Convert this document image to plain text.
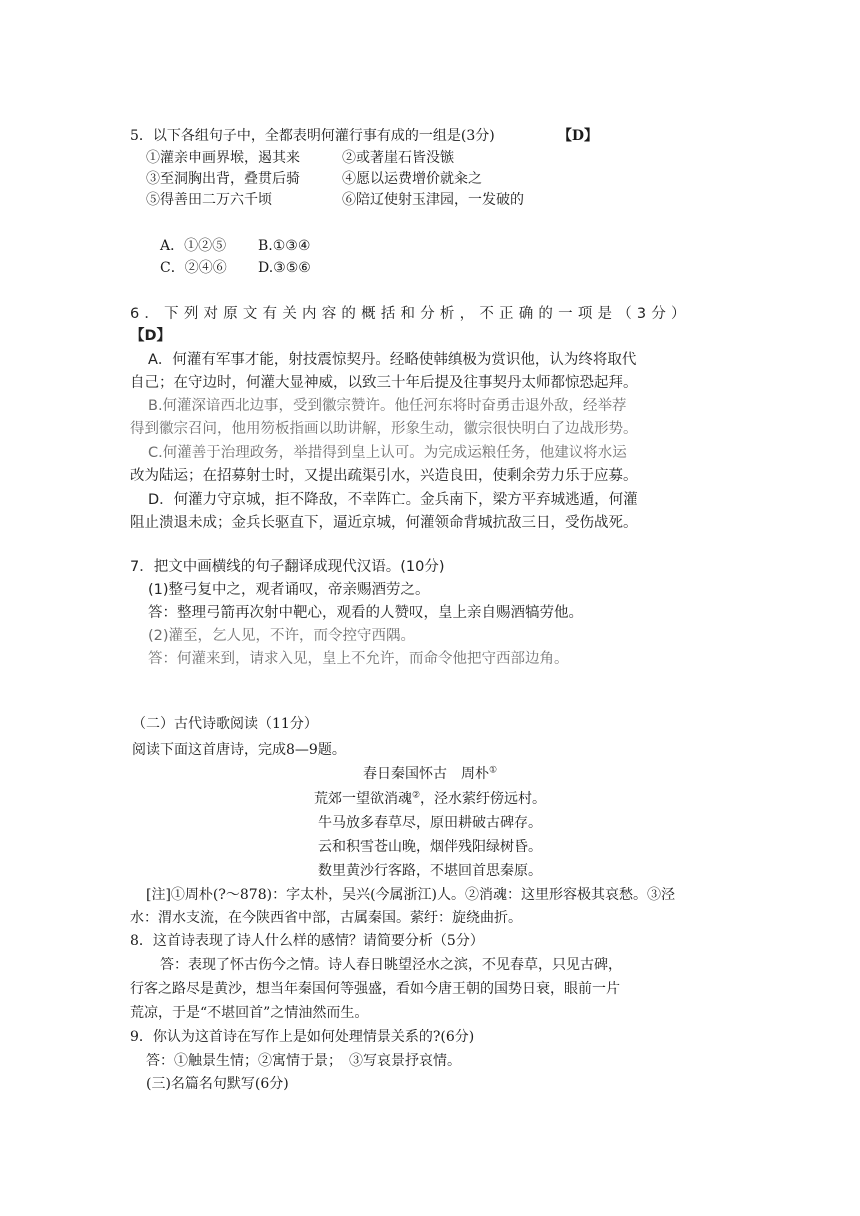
5．以下各组句子中，全都表明何灌行事有成的一组是(3分)	【D】
①灌亲申画界堠，遏其来	②或著崖石皆没镞
③至洞胸出背，叠贯后骑	④愿以运费增价就籴之
⑤得善田二万六千顷	⑥陪辽使射玉津园，一发破的
A．①②⑤ B.①③④
C．②④⑥ D.③⑤⑥
6．下列对原文有关内容的概括和分析，不正确的一项是（3分）
【D】
A．何灌有军事才能，射技震惊契丹。经略使韩缜极为赏识他，认为终将取代
自己；在守边时，何灌大显神威，以致三十年后提及往事契丹太师都惊恐起拜。
B.何灌深谙西北边事，受到徽宗赞许。他任河东将时奋勇击退外敌，经举荐
得到徽宗召问，他用笏板指画以助讲解，形象生动，徽宗很快明白了边战形势。
C.何灌善于治理政务，举措得到皇上认可。为完成运粮任务，他建议将水运
改为陆运；在招募射士时，又提出疏渠引水，兴造良田，使剩余劳力乐于应募。
D．何灌力守京城，拒不降敌，不幸阵亡。金兵南下，梁方平弃城逃遁，何灌
阻止溃退未成；金兵长驱直下，逼近京城，何灌领命背城抗敌三日，受伤战死。
7．把文中画横线的句子翻译成现代汉语。(10分)
(1)整弓复中之，观者诵叹，帝亲赐酒劳之。
答：整理弓箭再次射中靶心，观看的人赞叹，皇上亲自赐酒犒劳他。
(2)灌至，乞人见，不许，而令控守西隅。
答：何灌来到，请求入见，皇上不允许，而命令他把守西部边角。
（二）古代诗歌阅读（11分）
阅读下面这首唐诗，完成8—9题。
春日秦国怀古　周朴①
荒郊一望欲消魂②，泾水萦纡傍远村。
牛马放多春草尽，原田耕破古碑存。
云和积雪苍山晚，烟伴残阳绿树昏。
数里黄沙行客路，不堪回首思秦原。
[注]①周朴(?～878)：字太朴，吴兴(今属浙江)人。②消魂：这里形容极其哀愁。③泾
水：渭水支流，在今陕西省中部，古属秦国。萦纡：旋绕曲折。
8．这首诗表现了诗人什么样的感情？请简要分析（5分）
答：表现了怀古伤今之情。诗人春日眺望泾水之滨，不见春草，只见古碑，
行客之路尽是黄沙，想当年秦国何等强盛，看如今唐王朝的国势日衰，眼前一片
荒凉，于是“不堪回首”之情油然而生。
9．你认为这首诗在写作上是如何处理情景关系的?(6分)
答：①触景生情；②寓情于景；　③写哀景抒哀情。
(三)名篇名句默写(6分)
